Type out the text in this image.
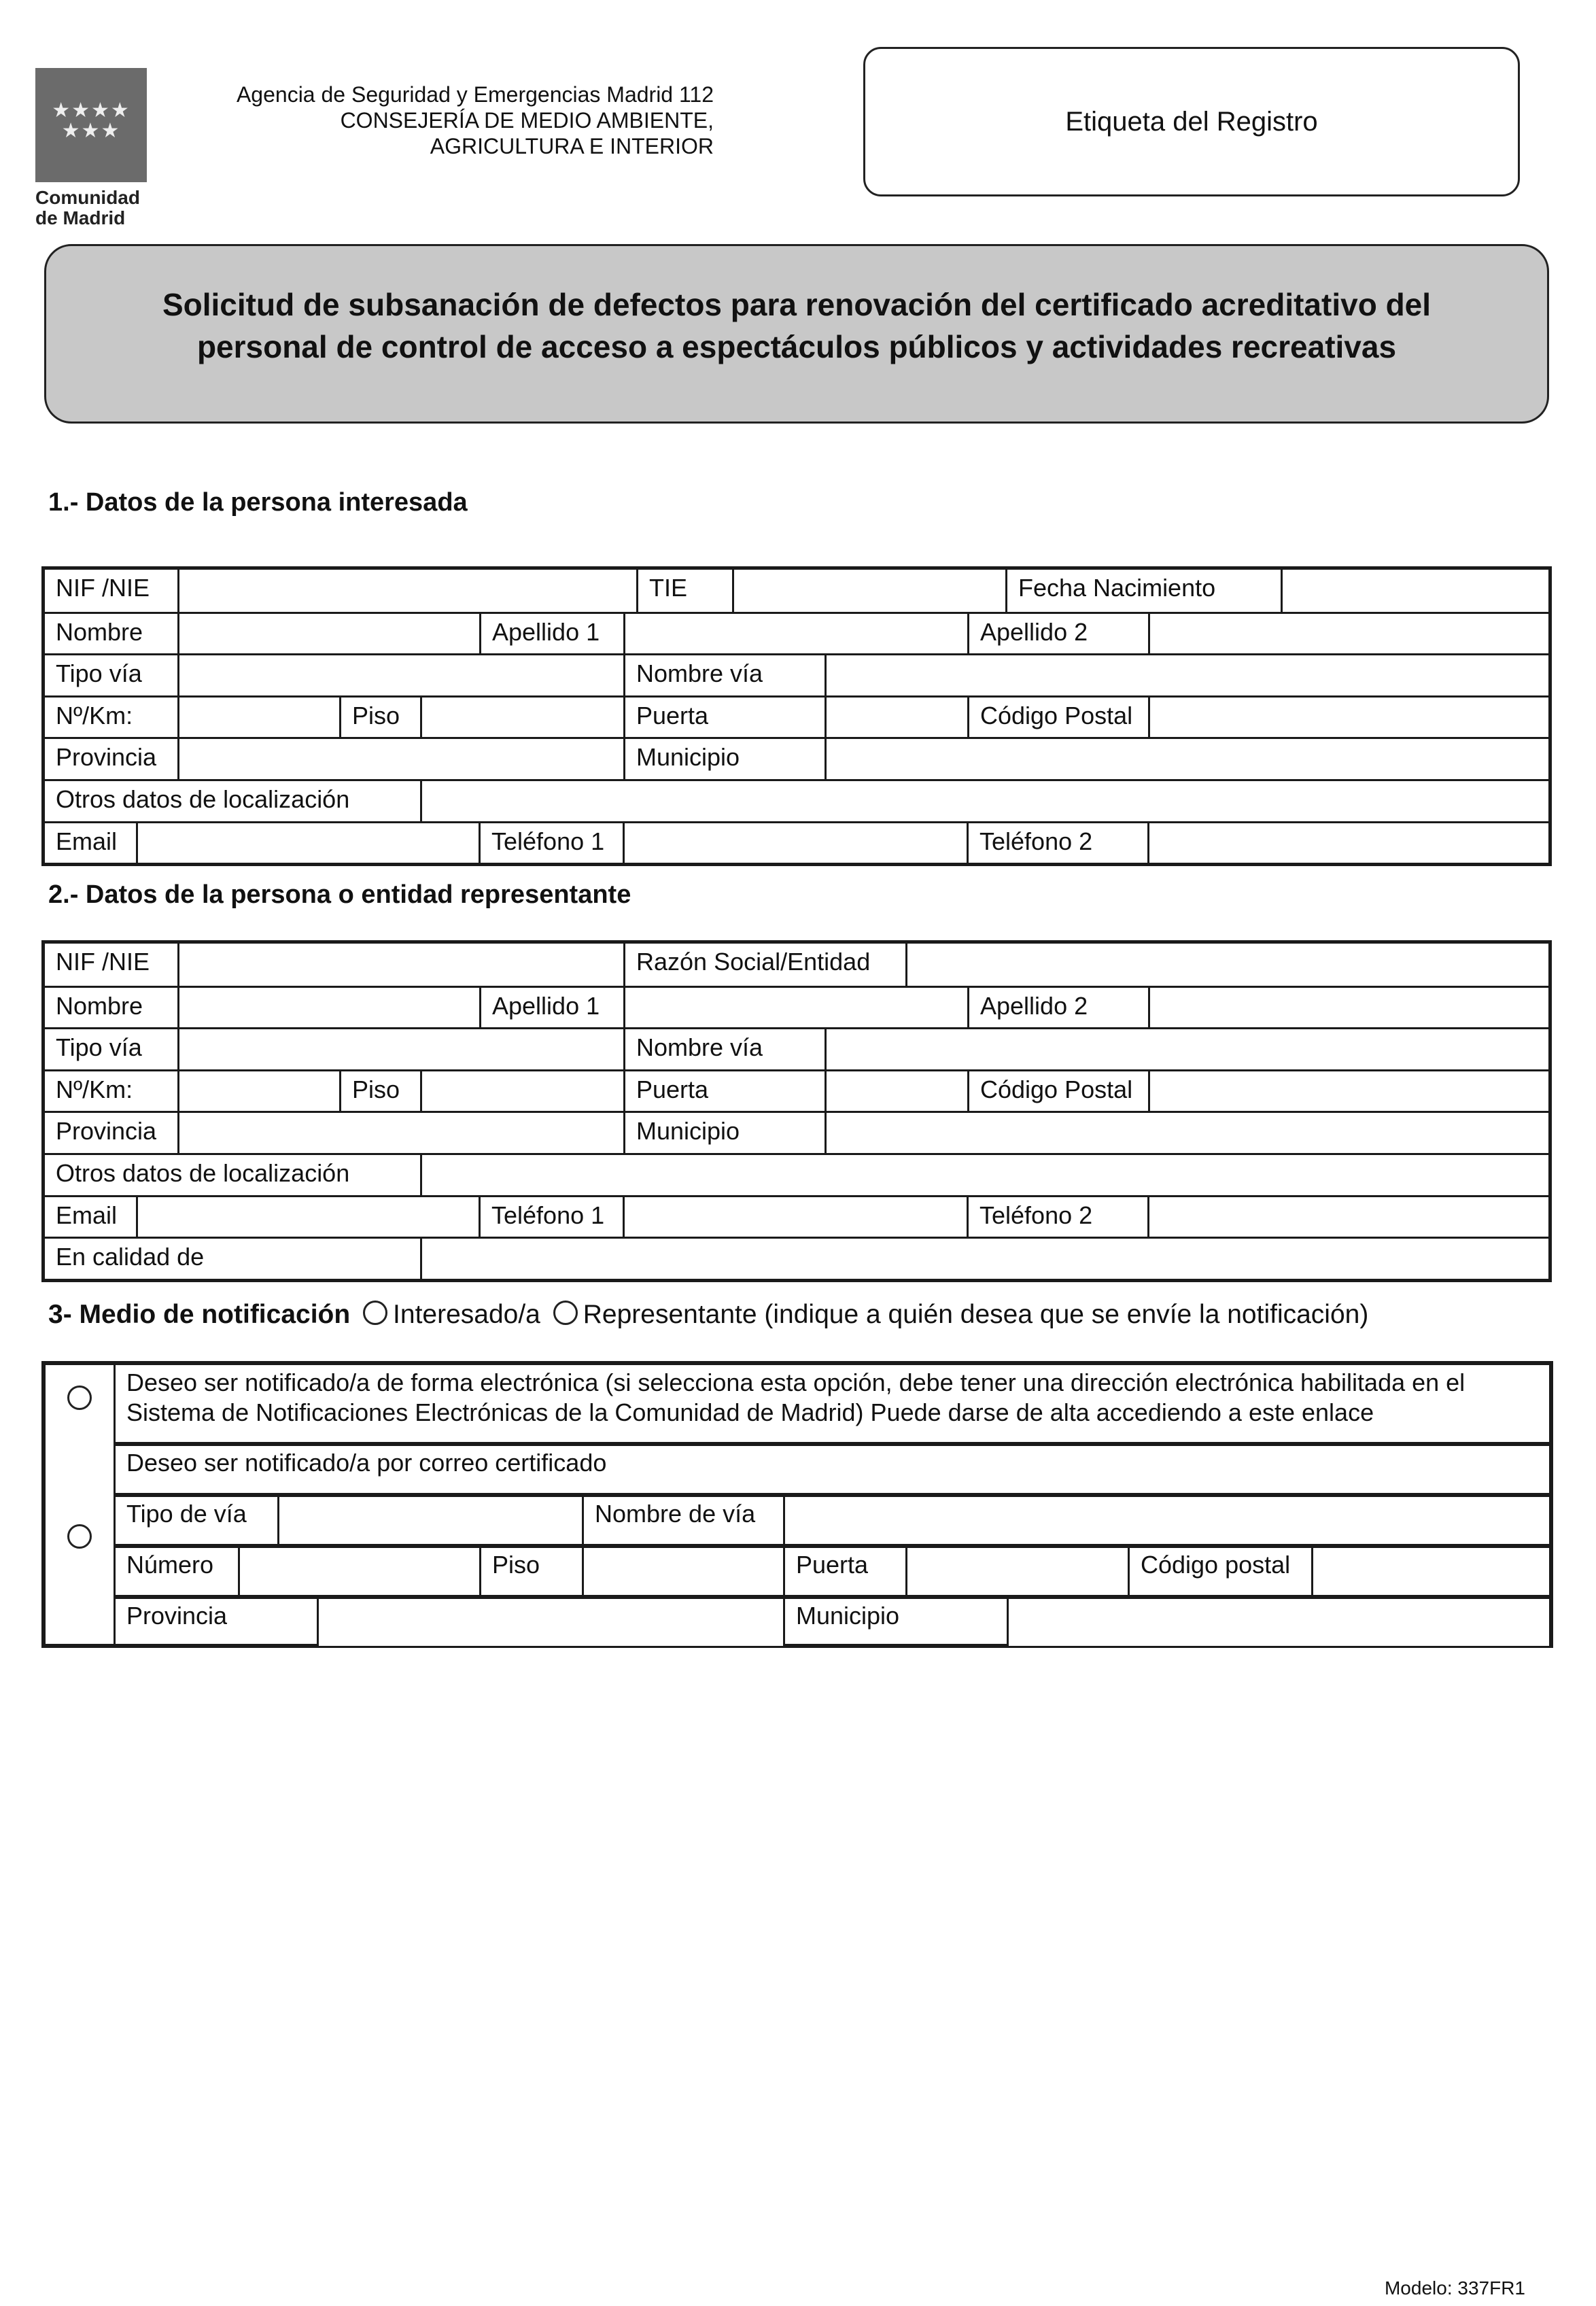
★★★★ ★★★
Comunidad
de Madrid
Agencia de Seguridad y Emergencias Madrid 112
CONSEJERÍA DE MEDIO AMBIENTE,
AGRICULTURA E INTERIOR
Etiqueta del Registro
Solicitud de subsanación de defectos para renovación del certificado acreditativo del
personal de control de acceso a espectáculos públicos y actividades recreativas
1.- Datos de la persona interesada
NIF /NIE	TIE	Fecha Nacimiento
Nombre	Apellido 1	Apellido 2
Tipo vía	Nombre vía
Nº/Km:	Piso	Puerta	Código Postal
Provincia	Municipio
Otros datos de localización
Email	Teléfono 1	Teléfono 2
2.- Datos de la persona o entidad representante
NIF /NIE	Razón Social/Entidad
Nombre	Apellido 1	Apellido 2
Tipo vía	Nombre vía
Nº/Km:	Piso	Puerta	Código Postal
Provincia	Municipio
Otros datos de localización
Email	Teléfono 1	Teléfono 2
En calidad de
3- Medio de notificación Interesado/a Representante (indique a quién desea que se envíe la notificación)
Deseo ser notificado/a de forma electrónica (si selecciona esta opción, debe tener una dirección electrónica habilitada en el Sistema de Notificaciones Electrónicas de la Comunidad de Madrid) Puede darse de alta accediendo a este enlace
Deseo ser notificado/a por correo certificado
Tipo de vía	Nombre de vía
Número	Piso	Puerta	Código postal
Provincia	Municipio
Modelo: 337FR1
